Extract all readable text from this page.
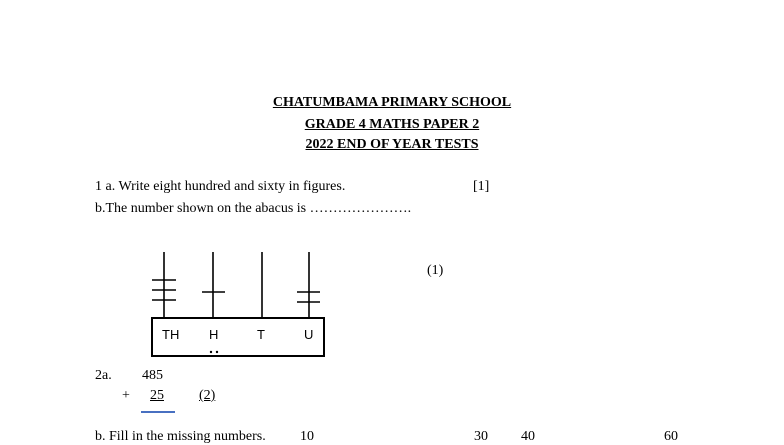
CHATUMBAMA PRIMARY SCHOOL
GRADE 4 MATHS PAPER 2
2022 END OF YEAR TESTS
1 a. Write eight hundred and sixty in figures.	[1]
b.The number shown on the abacus is ………………….
(1)
TH H	T	U
2a. 485
+ 25	(2)
b. Fill in the missing numbers. 10	30 40	60
